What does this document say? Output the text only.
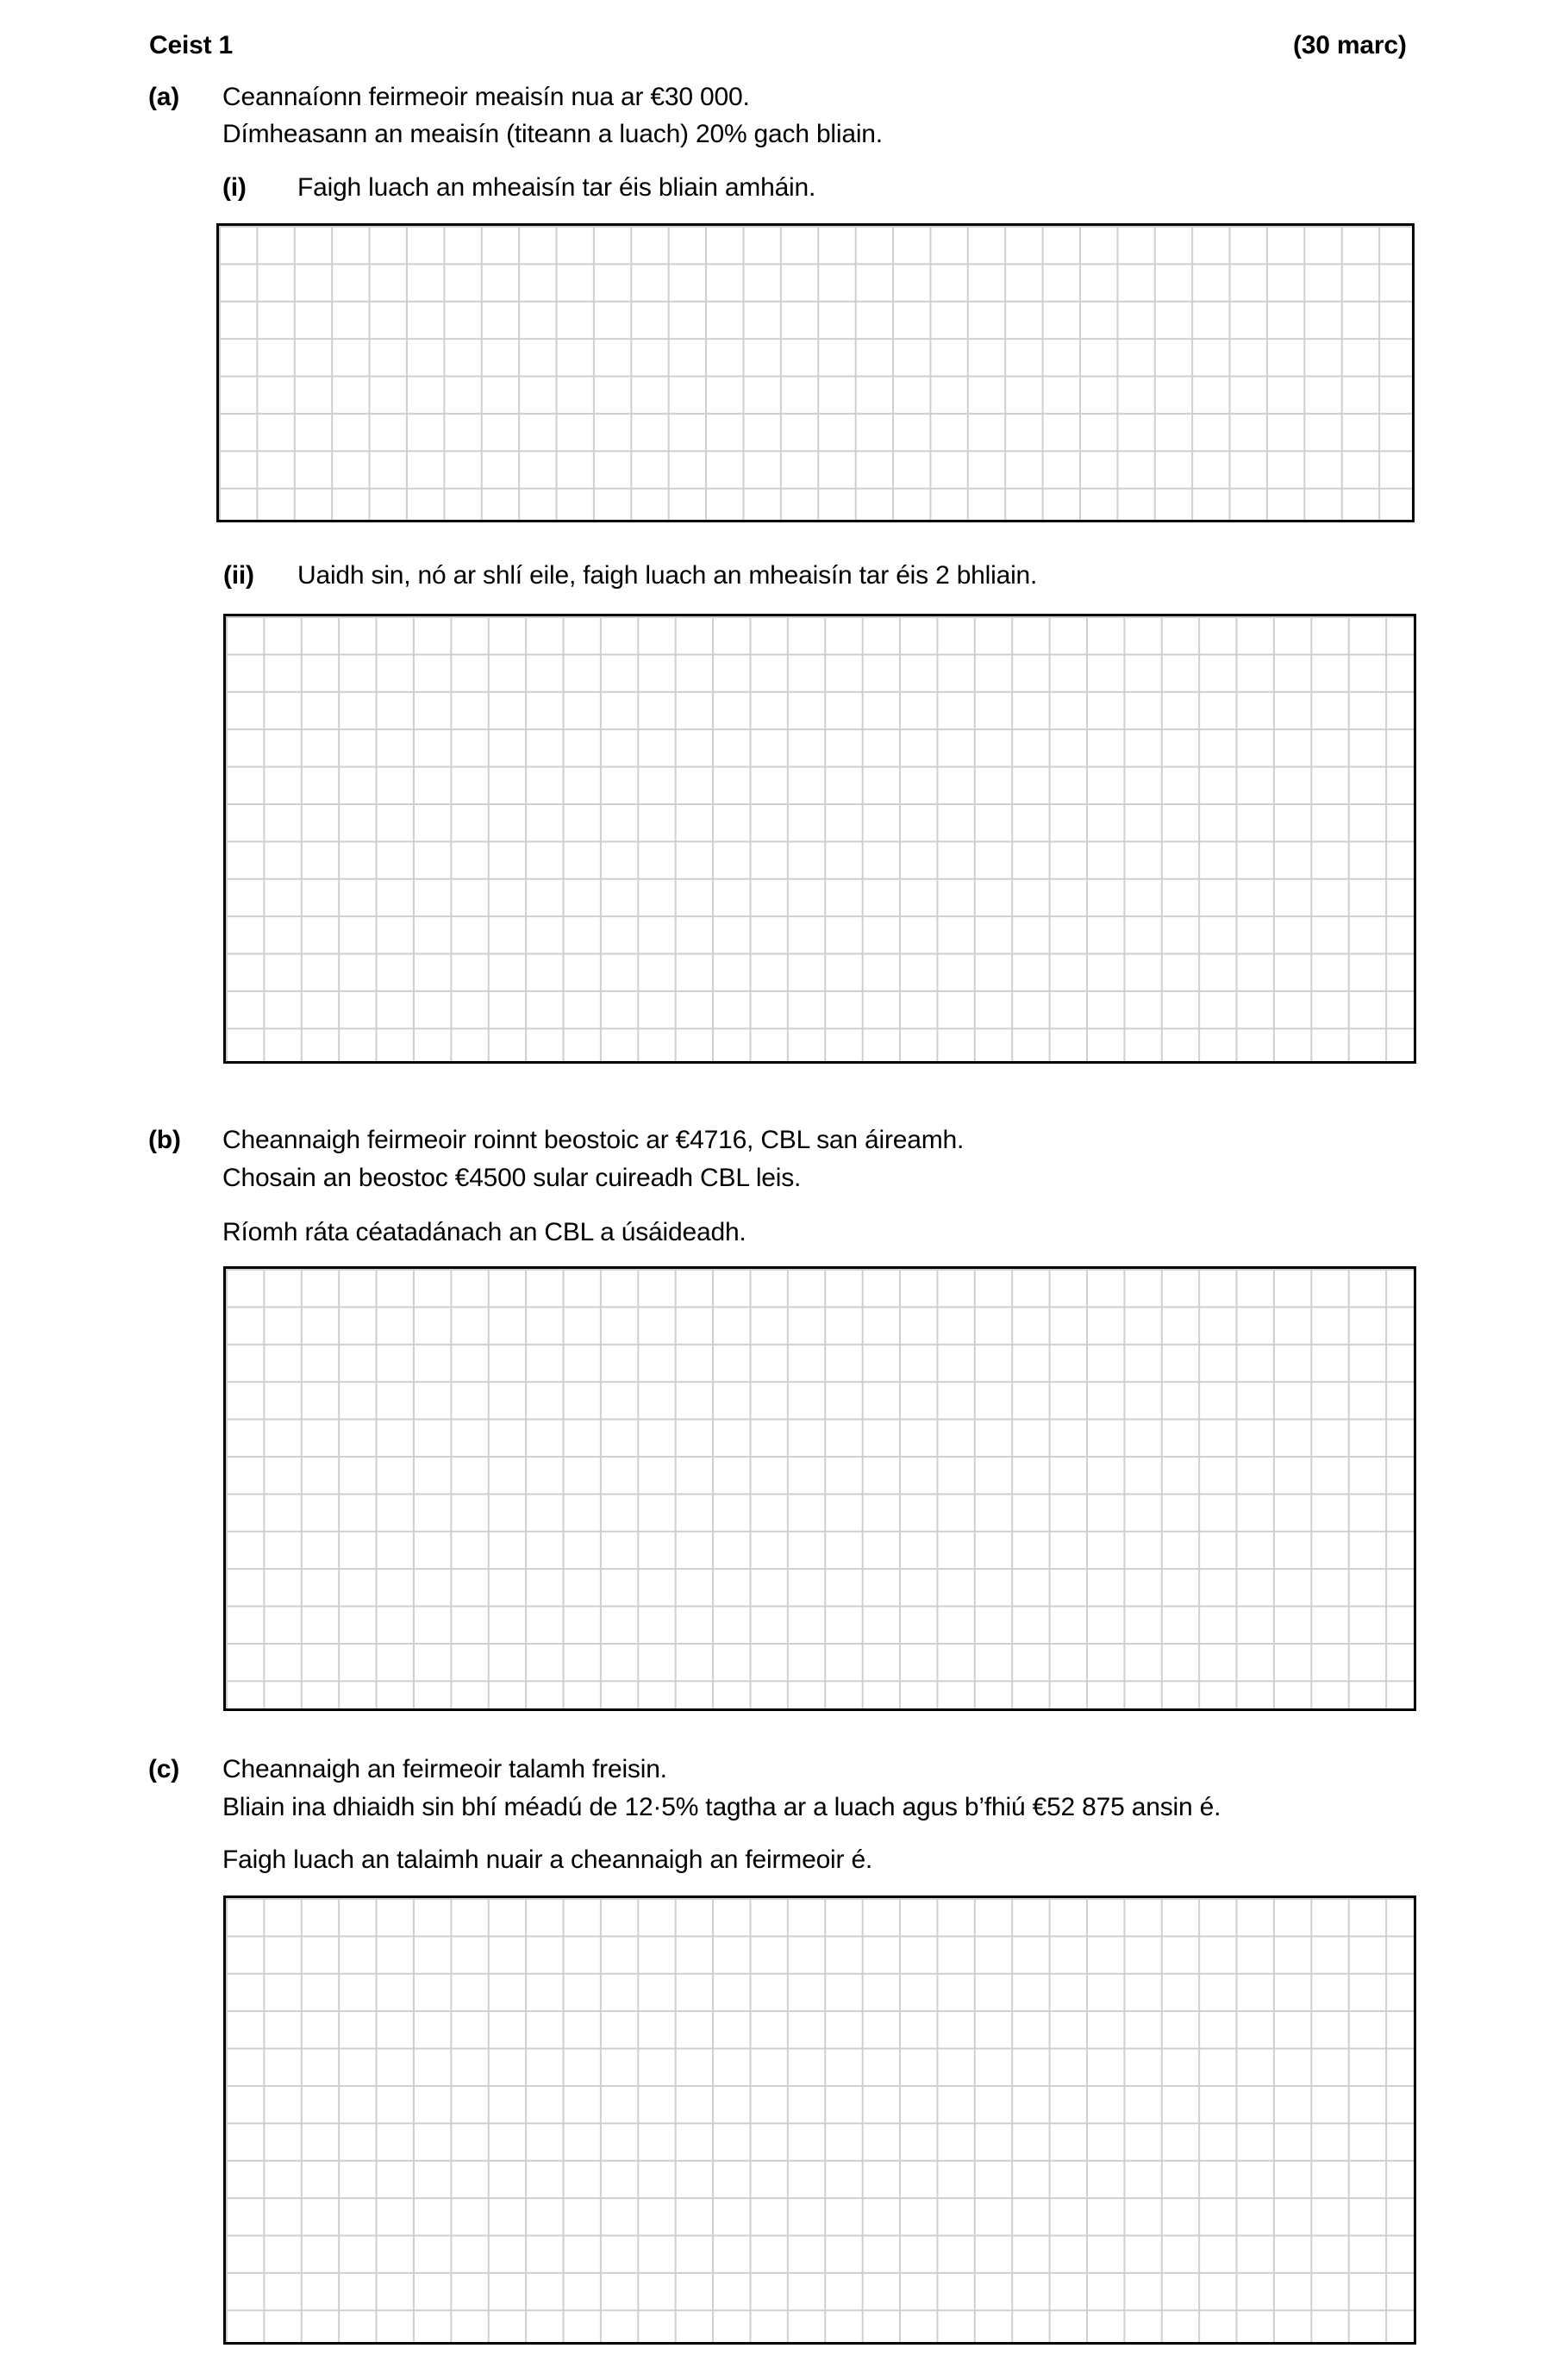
Ceist 1	(30 marc)
(a) Ceannaíonn feirmeoir meaisín nua ar €30 000.
Dímheasann an meaisín (titeann a luach) 20% gach bliain.
(i) Faigh luach an mheaisín tar éis bliain amháin.
(ii) Uaidh sin, nó ar shlí eile, faigh luach an mheaisín tar éis 2 bhliain.
(b) Cheannaigh feirmeoir roinnt beostoic ar €4716, CBL san áireamh.
Chosain an beostoc €4500 sular cuireadh CBL leis.
Ríomh ráta céatadánach an CBL a úsáideadh.
(c) Cheannaigh an feirmeoir talamh freisin.
Bliain ina dhiaidh sin bhí méadú de 12·5% tagtha ar a luach agus b’fhiú €52 875 ansin é.
Faigh luach an talaimh nuair a cheannaigh an feirmeoir é.
